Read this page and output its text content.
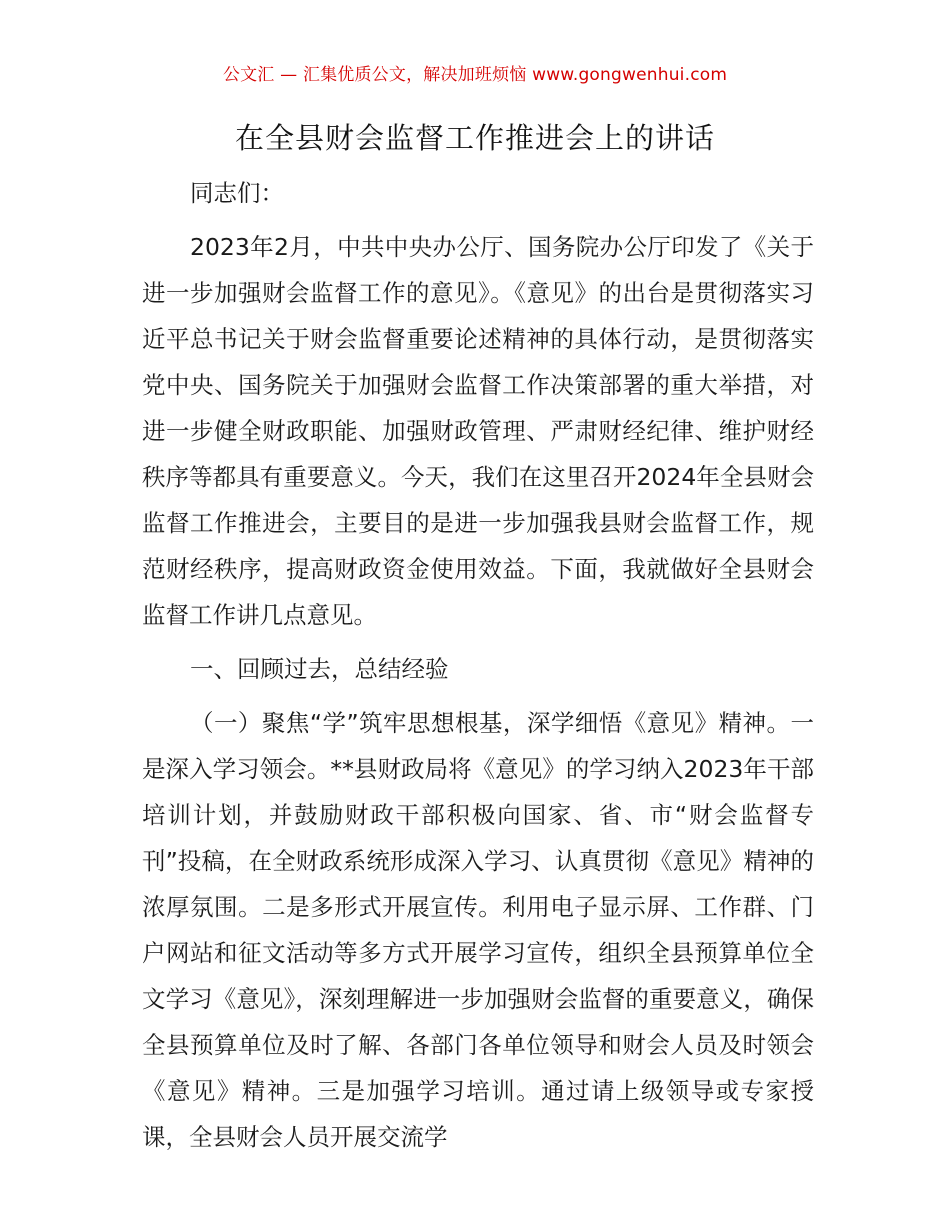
公文汇 — 汇集优质公文，解决加班烦恼 www.gongwenhui.com
在全县财会监督工作推进会上的讲话

同志们：

2023年2月，中共中央办公厅、国务院办公厅印发了《关于进一步加强财会监督工作的意见》。《意见》的出台是贯彻落实习近平总书记关于财会监督重要论述精神的具体行动，是贯彻落实党中央、国务院关于加强财会监督工作决策部署的重大举措，对进一步健全财政职能、加强财政管理、严肃财经纪律、维护财经秩序等都具有重要意义。今天，我们在这里召开2024年全县财会监督工作推进会，主要目的是进一步加强我县财会监督工作，规范财经秩序，提高财政资金使用效益。下面，我就做好全县财会监督工作讲几点意见。

一、回顾过去，总结经验

（一）聚焦“学”筑牢思想根基，深学细悟《意见》精神。一是深入学习领会。**县财政局将《意见》的学习纳入2023年干部培训计划，并鼓励财政干部积极向国家、省、市“财会监督专刊”投稿，在全财政系统形成深入学习、认真贯彻《意见》精神的浓厚氛围。二是多形式开展宣传。利用电子显示屏、工作群、门户网站和征文活动等多方式开展学习宣传，组织全县预算单位全文学习《意见》，深刻理解进一步加强财会监督的重要意义，确保全县预算单位及时了解、各部门各单位领导和财会人员及时领会《意见》精神。三是加强学习培训。通过请上级领导或专家授课，全县财会人员开展交流学
